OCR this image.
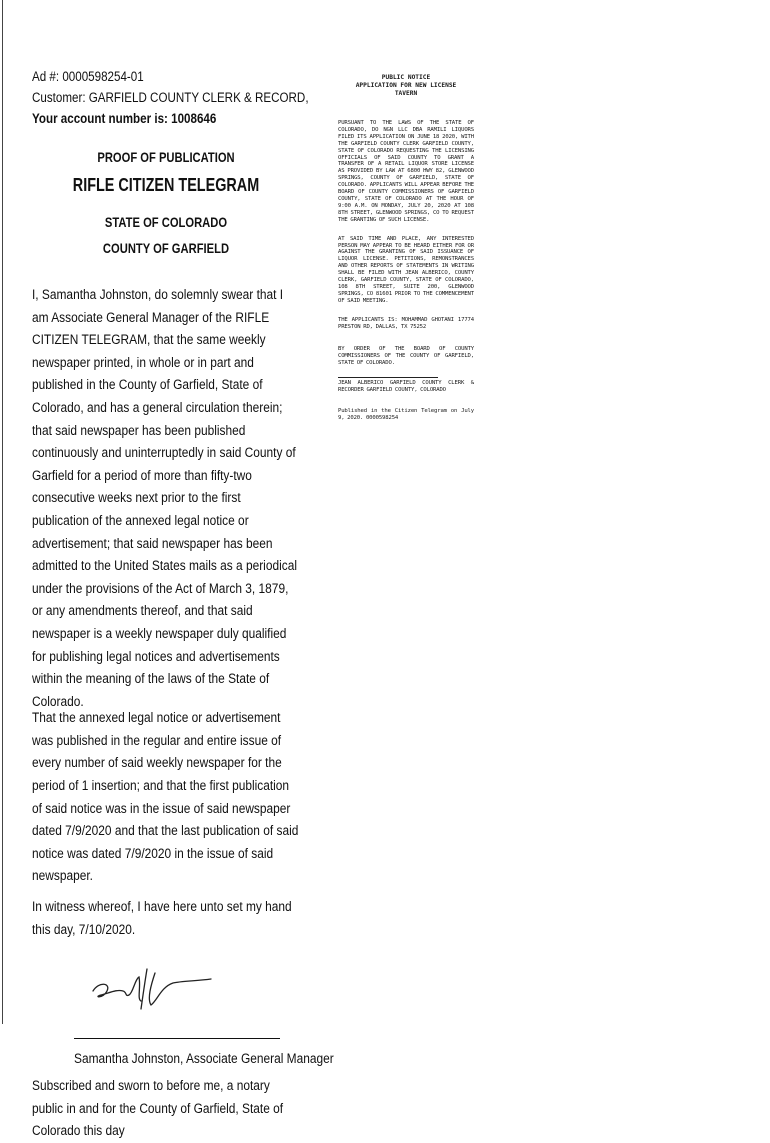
Ad #: 0000598254-01
Customer: GARFIELD COUNTY CLERK & RECORD,
Your account number is: 1008646
PROOF OF PUBLICATION
RIFLE CITIZEN TELEGRAM
STATE OF COLORADO
COUNTY OF GARFIELD
I, Samantha Johnston, do solemnly swear that I am Associate General Manager of the RIFLE CITIZEN TELEGRAM, that the same weekly newspaper printed, in whole or in part and published in the County of Garfield, State of Colorado, and has a general circulation therein; that said newspaper has been published continuously and uninterruptedly in said County of Garfield for a period of more than fifty-two consecutive weeks next prior to the first publication of the annexed legal notice or advertisement; that said newspaper has been admitted to the United States mails as a periodical under the provisions of the Act of March 3, 1879, or any amendments thereof, and that said newspaper is a weekly newspaper duly qualified for publishing legal notices and advertisements within the meaning of the laws of the State of Colorado.
That the annexed legal notice or advertisement was published in the regular and entire issue of every number of said weekly newspaper for the period of 1 insertion; and that the first publication of said notice was in the issue of said newspaper dated 7/9/2020 and that the last publication of said notice was dated 7/9/2020 in the issue of said newspaper.
In witness whereof, I have here unto set my hand this day, 7/10/2020.
Samantha Johnston, Associate General Manager
Subscribed and sworn to before me, a notary public in and for the County of Garfield, State of Colorado this day
PUBLIC NOTICE
APPLICATION FOR NEW LICENSE
TAVERN
PURSUANT TO THE LAWS OF THE STATE OF COLORADO, DO NGN LLC DBA RAMILI LIQUORS FILED ITS APPLICATION ON JUNE 18 2020, WITH THE GARFIELD COUNTY CLERK GARFIELD COUNTY, STATE OF COLORADO REQUESTING THE LICENSING OFFICIALS OF SAID COUNTY TO GRANT A TRANSFER OF A RETAIL LIQUOR STORE LICENSE AS PROVIDED BY LAW AT 6800 HWY 82, GLENWOOD SPRINGS, COUNTY OF GARFIELD, STATE OF COLORADO. APPLICANTS WILL APPEAR BEFORE THE BOARD OF COUNTY COMMISSIONERS OF GARFIELD COUNTY, STATE OF COLORADO AT THE HOUR OF 9:00 A.M. ON MONDAY, JULY 20, 2020 AT 108 8TH STREET, GLENWOOD SPRINGS, CO TO REQUEST THE GRANTING OF SUCH LICENSE.
AT SAID TIME AND PLACE, ANY INTERESTED PERSON MAY APPEAR TO BE HEARD EITHER FOR OR AGAINST THE GRANTING OF SAID ISSUANCE OF LIQUOR LICENSE. PETITIONS, REMONSTRANCES AND OTHER REPORTS OF STATEMENTS IN WRITING SHALL BE FILED WITH JEAN ALBERICO, COUNTY CLERK, GARFIELD COUNTY, STATE OF COLORADO, 108 8TH STREET, SUITE 200, GLENWOOD SPRINGS, CO 81601 PRIOR TO THE COMMENCEMENT OF SAID MEETING.
THE APPLICANTS IS: MOHAMMAD GHOTANI 17774 PRESTON RD, DALLAS, TX 75252
BY ORDER OF THE BOARD OF COUNTY COMMISSIONERS OF THE COUNTY OF GARFIELD, STATE OF COLORADO.
JEAN ALBERICO GARFIELD COUNTY CLERK & RECORDER GARFIELD COUNTY, COLORADO
Published in the Citizen Telegram on July 9, 2020. 0000598254
